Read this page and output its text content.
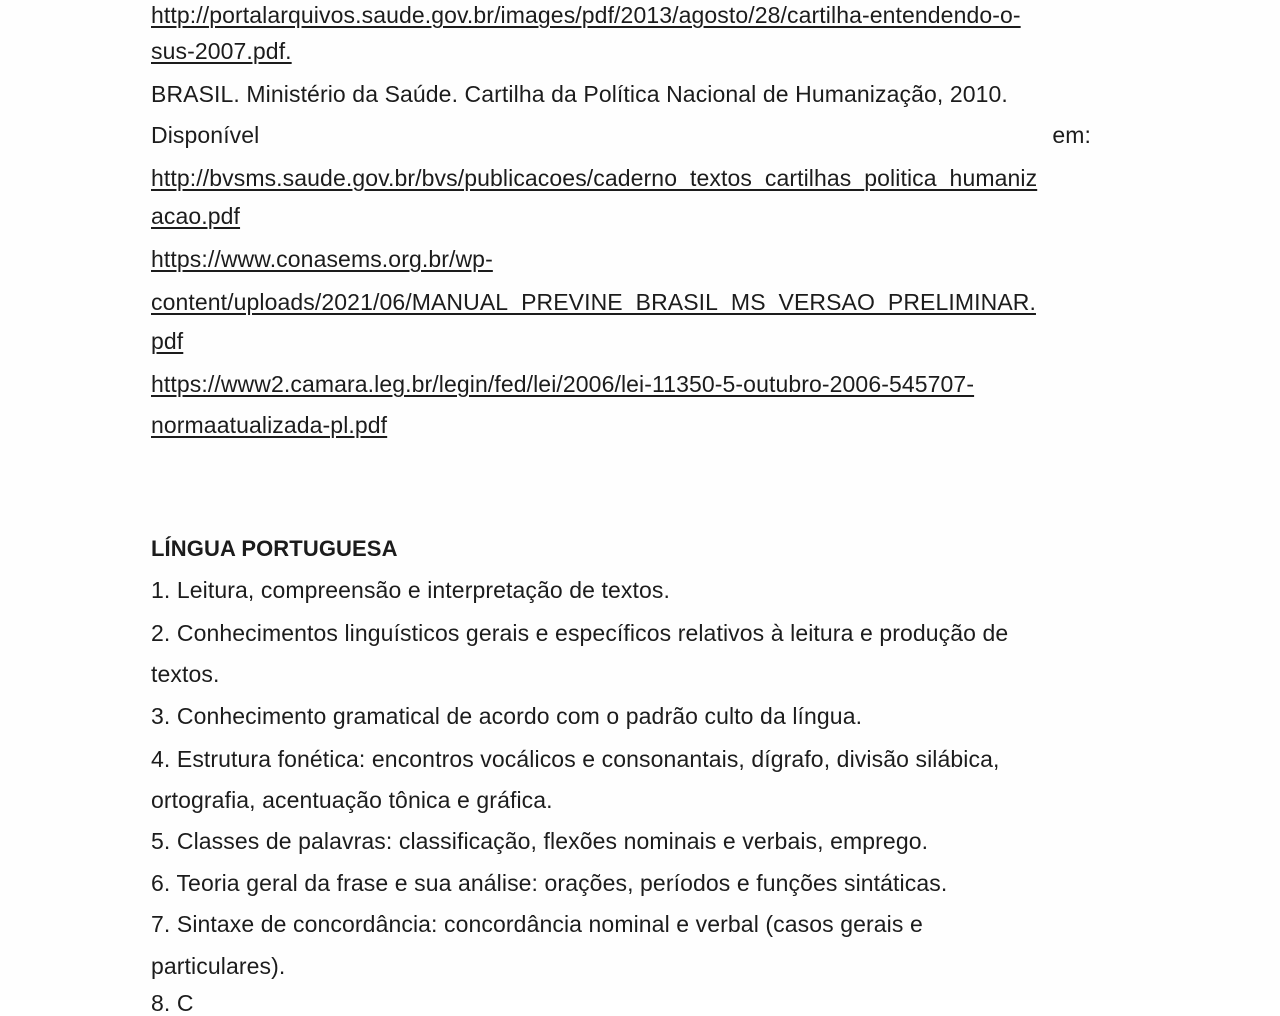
http://portalarquivos.saude.gov.br/images/pdf/2013/agosto/28/cartilha-entendendo-o-
sus-2007.pdf.
BRASIL. Ministério da Saúde. Cartilha da Política Nacional de Humanização, 2010.
Disponível	em:
http://bvsms.saude.gov.br/bvs/publicacoes/caderno_textos_cartilhas_politica_humaniz
acao.pdf
https://www.conasems.org.br/wp-
content/uploads/2021/06/MANUAL_PREVINE_BRASIL_MS_VERSAO_PRELIMINAR.
pdf
https://www2.camara.leg.br/legin/fed/lei/2006/lei-11350-5-outubro-2006-545707-
normaatualizada-pl.pdf
LÍNGUA PORTUGUESA
1. Leitura, compreensão e interpretação de textos.
2. Conhecimentos linguísticos gerais e específicos relativos à leitura e produção de
textos.
3. Conhecimento gramatical de acordo com o padrão culto da língua.
4. Estrutura fonética: encontros vocálicos e consonantais, dígrafo, divisão silábica,
ortografia, acentuação tônica e gráfica.
5. Classes de palavras: classificação, flexões nominais e verbais, emprego.
6. Teoria geral da frase e sua análise: orações, períodos e funções sintáticas.
7. Sintaxe de concordância: concordância nominal e verbal (casos gerais e
particulares).
8. C
